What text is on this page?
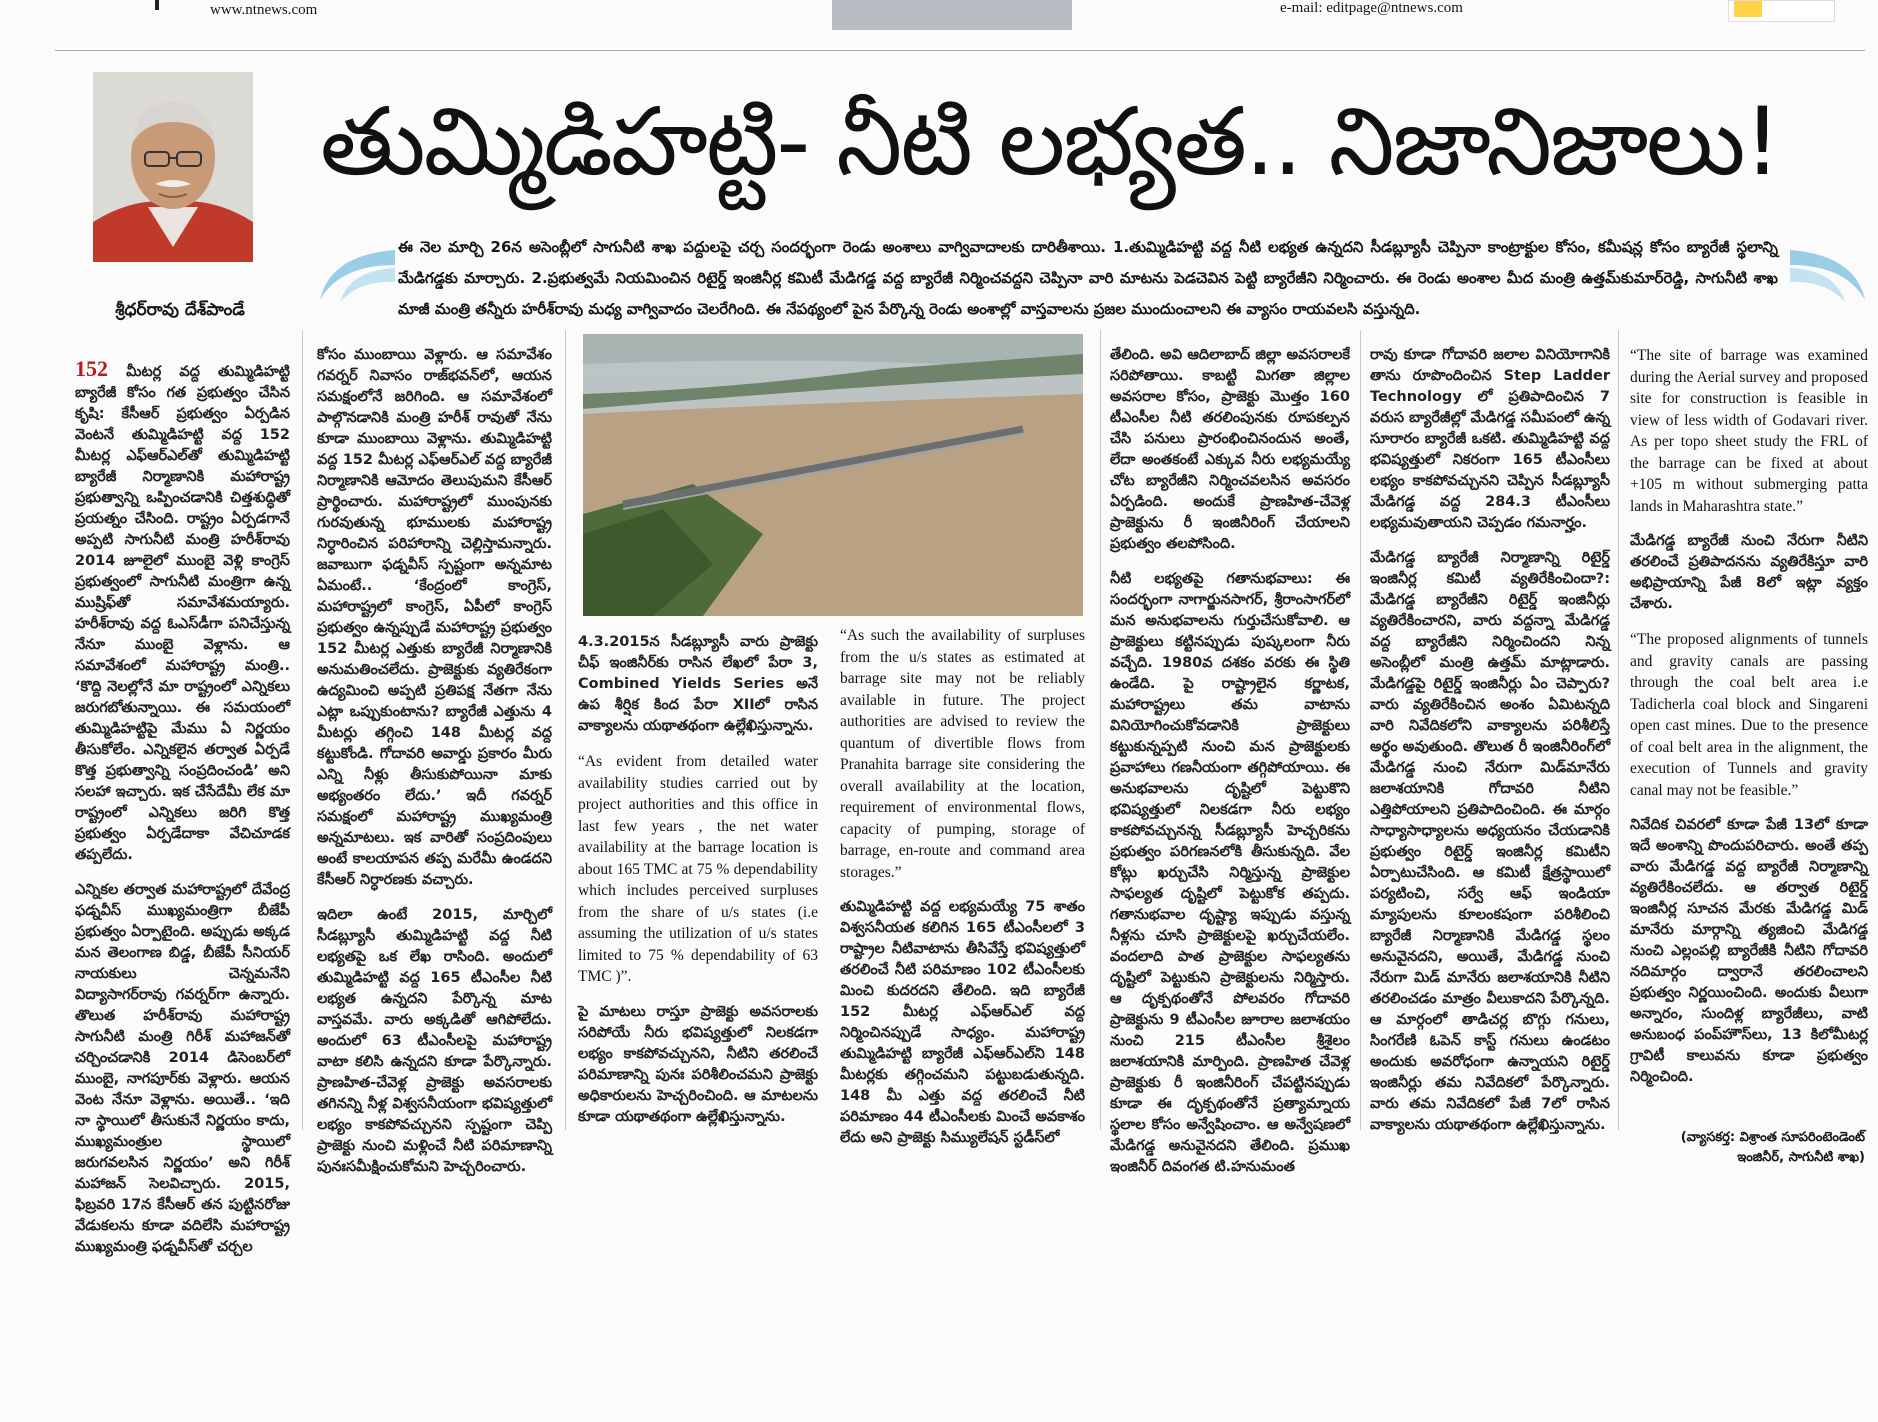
www.ntnews.com	e-mail: editpage@ntnews.com
శ్రీధర్‌రావు దేశ్‌పాండే
తుమ్మిడిహట్టి- నీటి లభ్యత.. నిజానిజాలు!
ఈ నెల మార్చి 26న అసెంబ్లీలో సాగునీటి శాఖ పద్దులపై చర్చ సందర్భంగా రెండు అంశాలు వాగ్వివాదాలకు దారితీశాయి. 1.తుమ్మిడిహట్టి వద్ద నీటి లభ్యత ఉన్నదని సీడబ్ల్యూసీ చెప్పినా కాంట్రాక్టుల కోసం, కమీషన్ల కోసం బ్యారేజీ స్థలాన్ని మేడిగడ్డకు మార్చారు. 2.ప్రభుత్వమే నియమించిన రిటైర్డ్ ఇంజినీర్ల కమిటీ మేడిగడ్డ వద్ద బ్యారేజీ నిర్మించవద్దని చెప్పినా వారి మాటను పెడచెవిన పెట్టి బ్యారేజీని నిర్మించారు. ఈ రెండు అంశాల మీద మంత్రి ఉత్తమ్‌కుమార్‌రెడ్డి, సాగునీటి శాఖ మాజీ మంత్రి తన్నీరు హరీశ్‌రావు మధ్య వాగ్వివాదం చెలరేగింది. ఈ నేపథ్యంలో పైన పేర్కొన్న రెండు అంశాల్లో వాస్తవాలను ప్రజల ముందుంచాలని ఈ వ్యాసం రాయవలసి వస్తున్నది.

152 మీటర్ల వద్ద తుమ్మిడిహట్టి బ్యారేజీ కోసం గత ప్రభుత్వం చేసిన కృషి: కేసీఆర్ ప్రభుత్వం ఏర్పడిన వెంటనే తుమ్మిడిహట్టి వద్ద 152 మీటర్ల ఎఫ్‌ఆర్‌ఎల్‌తో తుమ్మిడిహట్టి బ్యారేజీ నిర్మాణానికి మహారాష్ట్ర ప్రభుత్వాన్ని ఒప్పించడానికి చిత్తశుద్ధితో ప్రయత్నం చేసింది. రాష్ట్రం ఏర్పడగానే అప్పటి సాగునీటి మంత్రి హరీశ్‌రావు 2014 జూలైలో ముంబై వెళ్లి కాంగ్రెస్ ప్రభుత్వంలో సాగునీటి మంత్రిగా ఉన్న ముష్రిఫ్‌తో సమావేశమయ్యారు. హరీశ్‌రావు వద్ద ఓఎస్‌డీగా పనిచేస్తున్న నేనూ ముంబై వెళ్లాను. ఆ సమావేశంలో మహారాష్ట్ర మంత్రి.. ‘కొద్ది నెలల్లోనే మా రాష్ట్రంలో ఎన్నికలు జరుగబోతున్నాయి. ఈ సమయంలో తుమ్మిడిహట్టిపై మేము ఏ నిర్ణయం తీసుకోలేం. ఎన్నికలైన తర్వాత ఏర్పడే కొత్త ప్రభుత్వాన్ని సంప్రదించండి’ అని సలహా ఇచ్చారు. ఇక చేసేదేమీ లేక మా రాష్ట్రంలో ఎన్నికలు జరిగి కొత్త ప్రభుత్వం ఏర్పడేదాకా వేచిచూడక తప్పలేదు.

ఎన్నికల తర్వాత మహారాష్ట్రలో దేవేంద్ర ఫడ్నవీస్ ముఖ్యమంత్రిగా బీజేపీ ప్రభుత్వం ఏర్పాటైంది. అప్పుడు అక్కడ మన తెలంగాణ బిడ్డ, బీజేపీ సీనియర్ నాయకులు చెన్నమనేని విద్యాసాగర్‌రావు గవర్నర్‌గా ఉన్నారు. తొలుత హరీశ్‌రావు మహారాష్ట్ర సాగునీటి మంత్రి గిరీశ్ మహాజన్‌తో చర్చించడానికి 2014 డిసెంబర్‌లో ముంబై, నాగపూర్‌కు వెళ్లారు. ఆయన వెంట నేనూ వెళ్లాను. అయితే.. ‘ఇది నా స్థాయిలో తీసుకునే నిర్ణయం కాదు, ముఖ్యమంత్రుల స్థాయిలో జరుగవలసిన నిర్ణయం’ అని గిరీశ్ మహాజన్ సెలవిచ్చారు. 2015, ఫిబ్రవరి 17న కేసీఆర్ తన పుట్టినరోజు వేడుకలను కూడా వదిలేసి మహారాష్ట్ర ముఖ్యమంత్రి ఫడ్నవీస్‌తో చర్చల

కోసం ముంబాయి వెళ్లారు. ఆ సమావేశం గవర్నర్ నివాసం రాజ్‌భవన్‌లో, ఆయన సమక్షంలోనే జరిగింది. ఆ సమావేశంలో పాల్గొనడానికి మంత్రి హరీశ్ రావుతో నేను కూడా ముంబాయి వెళ్లాను. తుమ్మిడిహట్టి వద్ద 152 మీటర్ల ఎఫ్‌ఆర్‌ఎల్ వద్ద బ్యారేజీ నిర్మాణానికి ఆమోదం తెలుపుమని కేసీఆర్ ప్రార్థించారు. మహారాష్ట్రలో ముంపునకు గురవుతున్న భూములకు మహారాష్ట్ర నిర్ధారించిన పరిహారాన్ని చెల్లిస్తామన్నారు. జవాబుగా ఫడ్నవీస్ స్పష్టంగా అన్నమాట ఏమంటే.. ‘కేంద్రంలో కాంగ్రెస్, మహారాష్ట్రలో కాంగ్రెస్, ఏపీలో కాంగ్రెస్ ప్రభుత్వం ఉన్నప్పుడే మహారాష్ట్ర ప్రభుత్వం 152 మీటర్ల ఎత్తుకు బ్యారేజీ నిర్మాణానికి అనుమతించలేదు. ప్రాజెక్టుకు వ్యతిరేకంగా ఉద్యమించి అప్పటి ప్రతిపక్ష నేతగా నేను ఎట్లా ఒప్పుకుంటాను? బ్యారేజీ ఎత్తును 4 మీటర్లు తగ్గించి 148 మీటర్ల వద్ద కట్టుకోండి. గోదావరి అవార్డు ప్రకారం మీరు ఎన్ని నీళ్లు తీసుకుపోయినా మాకు అభ్యంతరం లేదు.’ ఇదీ గవర్నర్ సమక్షంలో మహారాష్ట్ర ముఖ్యమంత్రి అన్నమాటలు. ఇక వారితో సంప్రదింపులు అంటే కాలయాపన తప్ప మరేమీ ఉండదని కేసీఆర్ నిర్ధారణకు వచ్చారు.

ఇదిలా ఉంటే 2015, మార్చిలో సీడబ్ల్యూసీ తుమ్మిడిహట్టి వద్ద నీటి లభ్యతపై ఒక లేఖ రాసింది. అందులో తుమ్మిడిహట్టి వద్ద 165 టీఎంసీల నీటి లభ్యత ఉన్నదని పేర్కొన్న మాట వాస్తవమే. వారు అక్కడితో ఆగిపోలేదు. అందులో 63 టీఎంసీలపై మహారాష్ట్ర వాటా కలిసి ఉన్నదని కూడా పేర్కొన్నారు. ప్రాణహిత-చేవెళ్ల ప్రాజెక్టు అవసరాలకు తగినన్ని నీళ్ల విశ్వసనీయంగా భవిష్యత్తులో లభ్యం కాకపోవచ్చునని స్పష్టంగా చెప్పి ప్రాజెక్టు నుంచి మళ్లించే నీటి పరిమాణాన్ని పునఃసమీక్షించుకోమని హెచ్చరించారు.

4.3.2015న సీడబ్ల్యూసీ వారు ప్రాజెక్టు చీఫ్ ఇంజినీర్‌కు రాసిన లేఖలో పేరా 3, Combined Yields Series అనే ఉప శీర్షిక కింద పేరా XIIలో రాసిన వాక్యాలను యథాతథంగా ఉల్లేఖిస్తున్నాను.

“As evident from detailed water availability studies carried out by project authorities and this office in last few years , the net water availability at the barrage location is about 165 TMC at 75 % dependability which includes perceived surpluses from the share of u/s states (i.e assuming the utilization of u/s states limited to 75 % dependability of 63 TMC )”.

పై మాటలు రాస్తూ ప్రాజెక్టు అవసరాలకు సరిపోయే నీరు భవిష్యత్తులో నిలకడగా లభ్యం కాకపోవచ్చునని, నీటిని తరలించే పరిమాణాన్ని పునః పరిశీలించమని ప్రాజెక్టు అధికారులను హెచ్చరించింది. ఆ మాటలను కూడా యథాతథంగా ఉల్లేఖిస్తున్నాను.

“As such the availability of surpluses from the u/s states as estimated at barrage site may not be reliably available in future. The project authorities are advised to review the quantum of divertible flows from Pranahita barrage site considering the overall availability at the location, requirement of environmental flows, capacity of pumping, storage of barrage, en-route and command area storages.”

తుమ్మిడిహట్టి వద్ద లభ్యమయ్యే 75 శాతం విశ్వసనీయత కలిగిన 165 టీఎంసీలలో 3 రాష్ట్రాల నీటివాటాను తీసివేస్తే భవిష్యత్తులో తరలించే నీటి పరిమాణం 102 టీఎంసీలకు మించి కుదరదని తేలింది. ఇది బ్యారేజీ 152 మీటర్ల ఎఫ్‌ఆర్‌ఎల్ వద్ద నిర్మించినప్పుడే సాధ్యం. మహారాష్ట్ర తుమ్మిడిహట్టి బ్యారేజీ ఎఫ్‌ఆర్‌ఎల్‌ని 148 మీటర్లకు తగ్గించమని పట్టుబడుతున్నది. 148 మీ ఎత్తు వద్ద తరలించే నీటి పరిమాణం 44 టీఎంసీలకు మించే అవకాశం లేదు అని ప్రాజెక్టు సిమ్యులేషన్ స్టడీస్‌లో

తేలింది. అవి ఆదిలాబాద్ జిల్లా అవసరాలకే సరిపోతాయి. కాబట్టి మిగతా జిల్లాల అవసరాల కోసం, ప్రాజెక్టు మొత్తం 160 టీఎంసీల నీటి తరలింపునకు రూపకల్పన చేసి పనులు ప్రారంభించినందున అంతే, లేదా అంతకంటే ఎక్కువ నీరు లభ్యమయ్యే చోట బ్యారేజీని నిర్మించవలసిన అవసరం ఏర్పడింది. అందుకే ప్రాణహిత-చేవెళ్ల ప్రాజెక్టును రీ ఇంజినీరింగ్ చేయాలని ప్రభుత్వం తలపోసింది.

నీటి లభ్యతపై గతానుభవాలు: ఈ సందర్భంగా నాగార్జునసాగర్, శ్రీరాంసాగర్‌లో మన అనుభవాలను గుర్తుచేసుకోవాలి. ఆ ప్రాజెక్టులు కట్టినప్పుడు పుష్కలంగా నీరు వచ్చేది. 1980వ దశకం వరకు ఈ స్థితి ఉండేది. పై రాష్ట్రాలైన కర్ణాటక, మహారాష్ట్రలు తమ వాటాను వినియోగించుకోవడానికి ప్రాజెక్టులు కట్టుకున్నప్పటి నుంచి మన ప్రాజెక్టులకు ప్రవాహాలు గణనీయంగా తగ్గిపోయాయి. ఈ అనుభవాలను దృష్టిలో పెట్టుకొని భవిష్యత్తులో నిలకడగా నీరు లభ్యం కాకపోవచ్చునన్న సీడబ్ల్యూసీ హెచ్చరికను ప్రభుత్వం పరిగణనలోకి తీసుకున్నది. వేల కోట్లు ఖర్చుచేసి నిర్మిస్తున్న ప్రాజెక్టుల సాఫల్యత దృష్టిలో పెట్టుకోక తప్పదు. గతానుభవాల దృష్ట్యా ఇప్పుడు వస్తున్న నీళ్లను చూసి ప్రాజెక్టులపై ఖర్చుచేయలేం. వందలాది పాత ప్రాజెక్టుల సాఫల్యతను దృష్టిలో పెట్టుకుని ప్రాజెక్టులను నిర్మిస్తారు. ఆ దృక్పథంతోనే పోలవరం గోదావరి ప్రాజెక్టును 9 టీఎంసీల జూరాల జలాశయం నుంచి 215 టీఎంసీల శ్రీశైలం జలాశయానికి మార్పింది. ప్రాణహిత చేవెళ్ల ప్రాజెక్టుకు రీ ఇంజినీరింగ్ చేపట్టినప్పుడు కూడా ఈ దృక్పథంతోనే ప్రత్యామ్నాయ స్థలాల కోసం అన్వేషించాం. ఆ అన్వేషణలో మేడిగడ్డ అనువైనదని తేలింది. ప్రముఖ ఇంజినీర్ దివంగత టి.హనుమంత

రావు కూడా గోదావరి జలాల వినియోగానికి తాను రూపొందించిన Step Ladder Technology లో ప్రతిపాదించిన 7 వరుస బ్యారేజీల్లో మేడిగడ్డ సమీపంలో ఉన్న సూరారం బ్యారేజీ ఒకటి. తుమ్మిడిహట్టి వద్ద భవిష్యత్తులో నికరంగా 165 టీఎంసీలు లభ్యం కాకపోవచ్చునని చెప్పిన సీడబ్ల్యూసీ మేడిగడ్డ వద్ద 284.3 టీఎంసీలు లభ్యమవుతాయని చెప్పడం గమనార్హం.

మేడిగడ్డ బ్యారేజీ నిర్మాణాన్ని రిటైర్డ్ ఇంజినీర్ల కమిటీ వ్యతిరేకించిందా?: మేడిగడ్డ బ్యారేజీని రిటైర్డ్ ఇంజినీర్లు వ్యతిరేకించారని, వారు వద్దన్నా మేడిగడ్డ వద్ద బ్యారేజీని నిర్మించిందని నిన్న అసెంబ్లీలో మంత్రి ఉత్తమ్ మాట్లాడారు. మేడిగడ్డపై రిటైర్డ్ ఇంజినీర్లు ఏం చెప్పారు? వారు వ్యతిరేకించిన అంశం ఏమిటన్నది వారి నివేదికలోని వాక్యాలను పరిశీలిస్తే అర్థం అవుతుంది. తొలుత రీ ఇంజినీరింగ్‌లో మేడిగడ్డ నుంచి నేరుగా మిడ్‌మానేరు జలాశయానికి గోదావరి నీటిని ఎత్తిపోయాలని ప్రతిపాదించింది. ఈ మార్గం సాధ్యాసాధ్యాలను అధ్యయనం చేయడానికి ప్రభుత్వం రిటైర్డ్ ఇంజినీర్ల కమిటీని ఏర్పాటుచేసింది. ఆ కమిటీ క్షేత్రస్థాయిలో పర్యటించి, సర్వే ఆఫ్ ఇండియా మ్యాపులను కూలంకషంగా పరిశీలించి బ్యారేజీ నిర్మాణానికి మేడిగడ్డ స్థలం అనువైనదని, అయితే, మేడిగడ్డ నుంచి నేరుగా మిడ్ మానేరు జలాశయానికి నీటిని తరలించడం మాత్రం వీలుకాదని పేర్కొన్నది. ఆ మార్గంలో తాడిచర్ల బొగ్గు గనులు, సింగరేణి ఓపెన్ కాస్ట్ గనులు ఉండటం అందుకు అవరోధంగా ఉన్నాయని రిటైర్డ్ ఇంజినీర్లు తమ నివేదికలో పేర్కొన్నారు. వారు తమ నివేదికలో పేజీ 7లో రాసిన వాక్యాలను యథాతథంగా ఉల్లేఖిస్తున్నాను.

“The site of barrage was examined during the Aerial survey and proposed site for construction is feasible in view of less width of Godavari river. As per topo sheet study the FRL of the barrage can be fixed at about +105 m without submerging patta lands in Maharashtra state.”

మేడిగడ్డ బ్యారేజీ నుంచి నేరుగా నీటిని తరలించే ప్రతిపాదనను వ్యతిరేకిస్తూ వారి అభిప్రాయాన్ని పేజీ 8లో ఇట్లా వ్యక్తం చేశారు.

“The proposed alignments of tunnels and gravity canals are passing through the coal belt area i.e Tadicherla coal block and Singareni open cast mines. Due to the presence of coal belt area in the alignment, the execution of Tunnels and gravity canal may not be feasible.”

నివేదిక చివరలో కూడా పేజీ 13లో కూడా ఇదే అంశాన్ని పొందుపరిచారు. అంతే తప్ప వారు మేడిగడ్డ వద్ద బ్యారేజీ నిర్మాణాన్ని వ్యతిరేకించలేదు. ఆ తర్వాత రిటైర్డ్ ఇంజినీర్ల సూచన మేరకు మేడిగడ్డ మిడ్ మానేరు మార్గాన్ని త్యజించి మేడిగడ్డ నుంచి ఎల్లంపల్లి బ్యారేజీకి నీటిని గోదావరి నదిమార్గం ద్వారానే తరలించాలని ప్రభుత్వం నిర్ణయించింది. అందుకు వీలుగా అన్నారం, సుందిళ్ల బ్యారేజీలు, వాటి అనుబంధ పంప్‌హౌస్‌లు, 13 కిలోమీటర్ల గ్రావిటీ కాలువను కూడా ప్రభుత్వం నిర్మించింది.

(వ్యాసకర్త: విశ్రాంత సూపరింటెండెంట్
ఇంజినీర్, సాగునీటి శాఖ)
